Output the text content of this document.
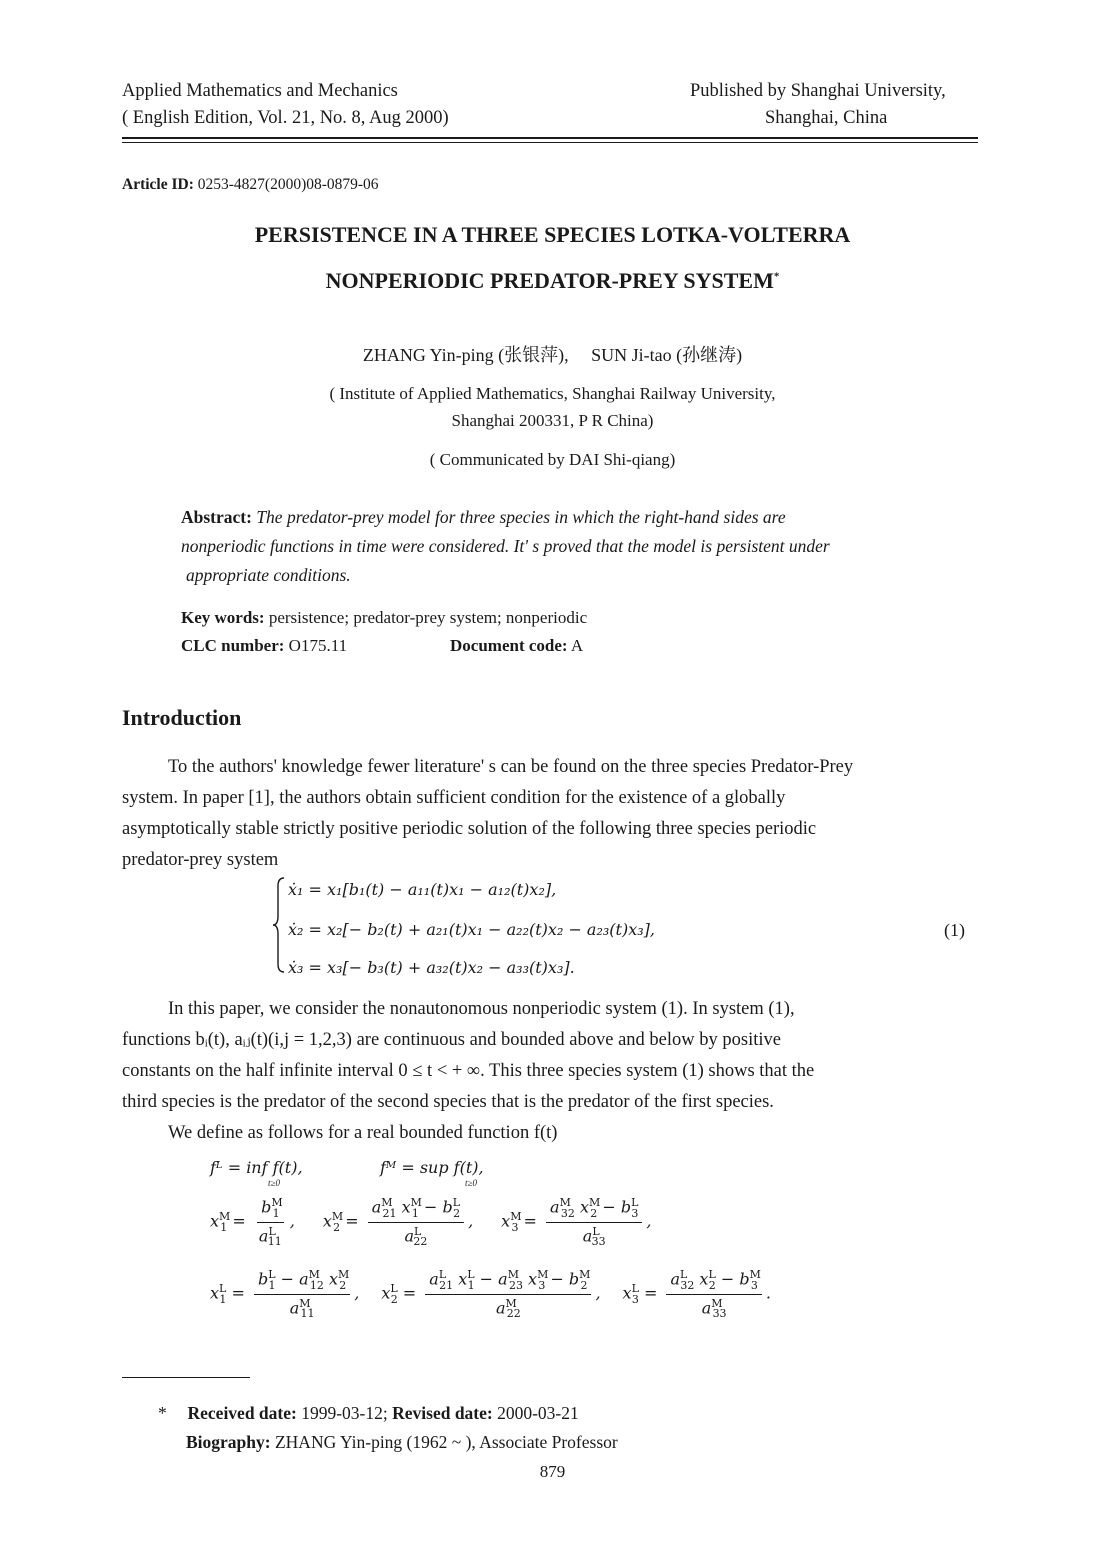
Applied Mathematics and Mechanics
( English Edition, Vol. 21, No. 8, Aug 2000)
Published by Shanghai University,
Shanghai, China
Article ID: 0253-4827(2000)08-0879-06
PERSISTENCE IN A THREE SPECIES LOTKA-VOLTERRA
NONPERIODIC PREDATOR-PREY SYSTEM*
ZHANG Yin-ping (张银萍),     SUN Ji-tao (孙继涛)
( Institute of Applied Mathematics, Shanghai Railway University,
Shanghai 200331, P R China)
( Communicated by DAI Shi-qiang)
Abstract: The predator-prey model for three species in which the right-hand sides are
nonperiodic functions in time were considered. It' s proved that the model is persistent under
appropriate conditions.
Key words: persistence; predator-prey system; nonperiodic
CLC number: O175.11	Document code: A
Introduction
To the authors' knowledge fewer literature' s can be found on the three species Predator-Prey
system. In paper [1], the authors obtain sufficient condition for the existence of a globally
asymptotically stable strictly positive periodic solution of the following three species periodic
predator-prey system
ẋ₁ = x₁[b₁(t) − a₁₁(t)x₁ − a₁₂(t)x₂],
ẋ₂ = x₂[− b₂(t) + a₂₁(t)x₁ − a₂₂(t)x₂ − a₂₃(t)x₃],
ẋ₃ = x₃[− b₃(t) + a₃₂(t)x₂ − a₃₃(t)x₃].
(1)
In this paper, we consider the nonautonomous nonperiodic system (1). In system (1),
functions bᵢ(t), aᵢⱼ(t)(i,j = 1,2,3) are continuous and bounded above and below by positive
constants on the half infinite interval 0 ≤ t < + ∞. This three species system (1) shows that the
third species is the predator of the second species that is the predator of the first species.
We define as follows for a real bounded function f(t)
fᴸ = inf f(t),
t≥0
fᴹ = sup f(t),
t≥0
$x^M_1 = \frac{b^M_1}{a^L_{11}}$ , $x^M_2 = \frac{a^M_{21} x^M_1 - b^L_2}{a^L_{22}}$ , $x^M_3 = \frac{a^M_{32} x^M_2 - b^L_3}{a^L_{33}}$ ,
$x^L_1 = \frac{b^L_1 - a^M_{12} x^M_2}{a^M_{11}}$ , $x^L_2 = \frac{a^L_{21} x^L_1 - a^M_{23} x^M_3 - b^M_2}{a^M_{22}}$ , $x^L_3 = \frac{a^L_{32} x^L_2 - b^M_3}{a^M_{33}}$ .
* Received date: 1999-03-12; Revised date: 2000-03-21
Biography: ZHANG Yin-ping (1962 ~ ), Associate Professor
879
